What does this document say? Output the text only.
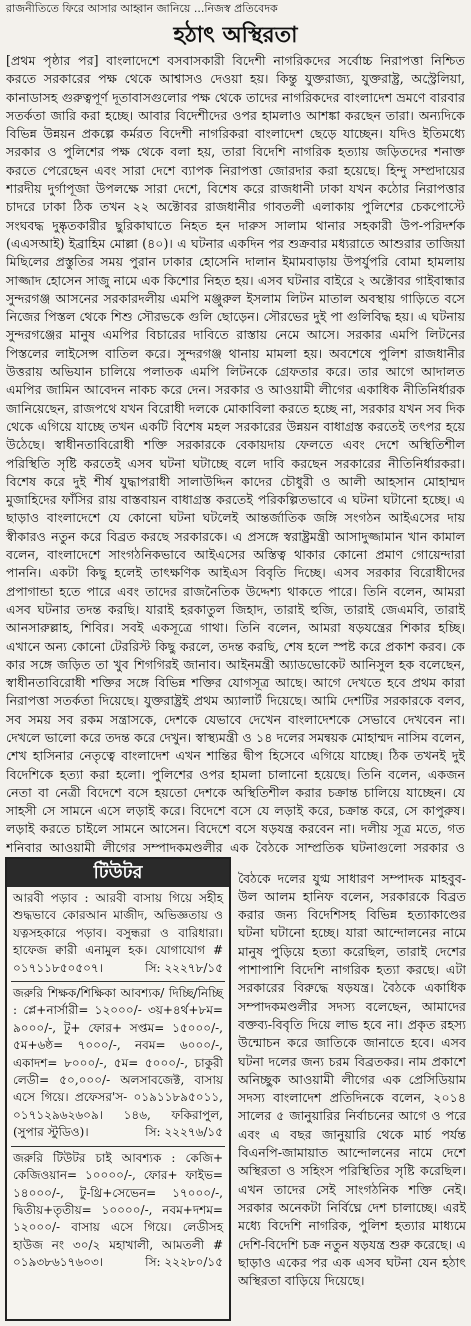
রাজনীতিতে ফিরে আসার আহ্বান জানিয়ে ...নিজস্ব প্রতিবেদক
হঠাৎ অস্থিরতা

[প্রথম পৃষ্ঠার পর] বাংলাদেশে বসবাসকারী বিদেশী নাগরিকদের সর্বোচ্চ নিরাপত্তা নিশ্চিত করতে সরকারের পক্ষ থেকে আশ্বাসও দেওয়া হয়। কিন্তু যুক্তরাজ্য, যুক্তরাষ্ট্র, অস্ট্রেলিয়া, কানাডাসহ গুরুত্বপূর্ণ দূতাবাসগুলোর পক্ষ থেকে তাদের নাগরিকদের বাংলাদেশ ভ্রমণে বারবার সতর্কতা জারি করা হচ্ছে। আবার বিদেশীদের ওপর হামলাও আশঙ্কা করছেন তারা। অন্যদিকে বিভিন্ন উন্নয়ন প্রকল্পে কর্মরত বিদেশী নাগরিকরা বাংলাদেশ ছেড়ে যাচ্ছেন। যদিও ইতিমধ্যে সরকার ও পুলিশের পক্ষ থেকে বলা হয়, তারা বিদেশি নাগরিক হত্যায় জড়িতদের শনাক্ত করতে পেরেছেন এবং সারা দেশে ব্যাপক নিরাপত্তা জোরদার করা হয়েছে। হিন্দু সম্প্রদায়ের শারদীয় দুর্গাপূজা উপলক্ষে সারা দেশে, বিশেষ করে রাজধানী ঢাকা যখন কঠোর নিরাপত্তার চাদরে ঢাকা ঠিক তখন ২২ অক্টোবর রাজধানীর গাবতলী এলাকায় পুলিশের চেকপোস্টে সংঘবদ্ধ দুষ্কৃতকারীর ছুরিকাঘাতে নিহত হন দারুস সালাম থানার সহকারী উপ-পরিদর্শক (এএসআই) ইব্রাহিম মোল্লা (৪০)। এ ঘটনার একদিন পর শুক্রবার মধ্যরাতে আশুরার তাজিয়া মিছিলের প্রস্তুতির সময় পুরান ঢাকার হোসেনি দালান ইমামবাড়ায় উপর্যুপরি বোমা হামলায় সাজ্জাদ হোসেন সাজু নামে এক কিশোর নিহত হয়। এসব ঘটনার বাইরে ২ অক্টোবর গাইবান্ধার সুন্দরগঞ্জ আসনের সরকারদলীয় এমপি মঞ্জুরুল ইসলাম লিটন মাতাল অবস্থায় গাড়িতে বসে নিজের পিস্তল থেকে শিশু সৌরভকে গুলি ছোড়েন। সৌরভের দুই পা গুলিবিদ্ধ হয়। এ ঘটনায় সুন্দরগঞ্জের মানুষ এমপির বিচারের দাবিতে রাস্তায় নেমে আসে। সরকার এমপি লিটনের পিস্তলের লাইসেন্স বাতিল করে। সুন্দরগঞ্জ থানায় মামলা হয়। অবশেষে পুলিশ রাজধানীর উত্তরায় অভিযান চালিয়ে পলাতক এমপি লিটনকে গ্রেফতার করে। তার আগে আদালত এমপির জামিন আবেদন নাকচ করে দেন। সরকার ও আওয়ামী লীগের একাধিক নীতিনির্ধারক জানিয়েছেন, রাজপথে যখন বিরোধী দলকে মোকাবিলা করতে হচ্ছে না, সরকার যখন সব দিক থেকে এগিয়ে যাচ্ছে তখন একটি বিশেষ মহল সরকারের উন্নয়ন বাধাগ্রস্ত করতেই তৎপর হয়ে উঠেছে। স্বাধীনতাবিরোধী শক্তি সরকারকে বেকায়দায় ফেলতে এবং দেশে অস্থিতিশীল পরিস্থিতি সৃষ্টি করতেই এসব ঘটনা ঘটাচ্ছে বলে দাবি করছেন সরকারের নীতিনির্ধারকরা। বিশেষ করে দুই শীর্ষ যুদ্ধাপরাধী সালাউদ্দিন কাদের চৌধুরী ও আলী আহসান মোহাম্মদ মুজাহিদের ফাঁসির রায় বাস্তবায়ন বাধাগ্রস্ত করতেই পরিকল্পিতভাবে এ ঘটনা ঘটানো হচ্ছে। এ ছাড়াও বাংলাদেশে যে কোনো ঘটনা ঘটলেই আন্তর্জাতিক জঙ্গি সংগঠন আইএসের দায় স্বীকারও নতুন করে বিব্রত করছে সরকারকে। এ প্রসঙ্গে স্বরাষ্ট্রমন্ত্রী আসাদুজ্জামান খান কামাল বলেন, বাংলাদেশে সাংগঠনিকভাবে আইএসের অস্তিত্ব থাকার কোনো প্রমাণ গোয়েন্দারা পাননি। একটা কিছু হলেই তাৎক্ষণিক আইএস বিবৃতি দিচ্ছে। এসব সরকার বিরোধীদের প্রপাগান্ডা হতে পারে এবং তাদের রাজনৈতিক উদ্দেশ্য থাকতে পারে। তিনি বলেন, আমরা এসব ঘটনার তদন্ত করছি। যারাই হরকাতুল জিহাদ, তারাই হুজি, তারাই জেএমবি, তারাই আনসারুল্লাহ, শিবির। সবই একসূত্রে গাথা। তিনি বলেন, আমরা ষড়যন্ত্রের শিকার হচ্ছি। এখানে অন্য কোনো টেররিস্ট কিছু করলে, তদন্ত করছি, শেষ হলে স্পষ্ট করে প্রকাশ করব। কে কার সঙ্গে জড়িত তা খুব শিগগিরই জানাব। আইনমন্ত্রী অ্যাডভোকেট আনিসুল হক বলেছেন, স্বাধীনতাবিরোধী শক্তির সঙ্গে বিভিন্ন শক্তির যোগসূত্র আছে। আগে দেখতে হবে প্রথম কারা নিরাপত্তা সতর্কতা দিয়েছে। যুক্তরাষ্ট্রই প্রথম অ্যালার্ট দিয়েছে। আমি দেশটির সরকারকে বলব, সব সময় সব রকম সন্ত্রাসকে, দেশকে যেভাবে দেখেন বাংলাদেশকে সেভাবে দেখবেন না। দেখলে ভালো করে তদন্ত করে দেখুন। স্বাস্থ্যমন্ত্রী ও ১৪ দলের সমন্বয়ক মোহাম্মদ নাসিম বলেন, শেখ হাসিনার নেতৃত্বে বাংলাদেশ এখন শান্তির দ্বীপ হিসেবে এগিয়ে যাচ্ছে। ঠিক তখনই দুই বিদেশিকে হত্যা করা হলো। পুলিশের ওপর হামলা চালানো হয়েছে। তিনি বলেন, একজন নেতা বা নেত্রী বিদেশে বসে হয়তো দেশকে অস্থিতিশীল করার চক্রান্ত চালিয়ে যাচ্ছেন। যে সাহসী সে সামনে এসে লড়াই করে। বিদেশে বসে যে লড়াই করে, চক্রান্ত করে, সে কাপুরুষ। লড়াই করতে চাইলে সামনে আসেন। বিদেশে বসে ষড়যন্ত্র করবেন না। দলীয় সূত্র মতে, গত শনিবার আওয়ামী লীগের সম্পাদকমণ্ডলীর এক বৈঠকে সাম্প্রতিক ঘটনাগুলো সরকার ও

টিউটর
আরবী পড়াব : আরবী বাসায় গিয়ে সহীহ শুদ্ধভাবে কোরআন মাজীদ, অভিজ্ঞতায় ও যত্নসহকারে পড়াব। বসুন্ধরা ও বারিধারা। হাফেজ ক্বারী এনামুল হক। যোগাযোগ # ০১৭১১৮৫০৫০৭।	সি: ২২২৭৮/১৫
জরুরি শিক্ষক/শিক্ষিকা আবশ্যক/ দিচ্ছি/নিচ্ছি : প্লে+নার্সারী= ১২০০০/- ৩য়+৪র্থ+৮ম= ৯০০০/-, টু+ ফোর+ সপ্তম= ১৫০০০/-, ৫ম+৬ষ্ঠ= ৭০০০/-, নবম= ৬০০০/-, একাদশ= ৮০০০/-, ৫ম= ৫০০০/-, চাকুরী লেডী= ৫০,০০০/- অলসাবজেক্ট, বাসায় এসে গিয়ে। প্রফেসর'স- ০১৯১১৮৯৫০১১, ০১৭১২৯৬২৬০৯। ১৪৬, ফকিরাপুল, (সুপার স্টুডিও)।	সি: ২২২৭৬/১৫
জরুরি টিউটর চাই আবশ্যক : কেজি+ কেজিওয়ান= ১০০০০/-, ফোর+ ফাইভ= ১৪০০০/-, টু-থ্রি+সেভেন= ১৭০০০/-, দ্বিতীয়+তৃতীয়= ১০০০০/-, নবম+দশম= ১২০০০/- বাসায় এসে গিয়ে। লেডীসহ হাউজ নং ৩০/২ মহাখালী, আমতলী # ০১৯৩৮৬১৭৬০৩।	সি: ২২২৮০/১৫

বৈঠকে দলের যুগ্ম সাধারণ সম্পাদক মাহবুব-উল আলম হানিফ বলেন, সরকারকে বিব্রত করার জন্য বিদেশিসহ বিভিন্ন হত্যাকাণ্ডের ঘটনা ঘটানো হচ্ছে। যারা আন্দোলনের নামে মানুষ পুড়িয়ে হত্যা করেছিল, তারাই দেশের পাশাপাশি বিদেশি নাগরিক হত্যা করছে। এটা সরকারের বিরুদ্ধে ষড়যন্ত্র। বৈঠকে একাধিক সম্পাদকমণ্ডলীর সদস্য বলেছেন, আমাদের বক্তব্য-বিবৃতি দিয়ে লাভ হবে না। প্রকৃত রহস্য উন্মোচন করে জাতিকে জানাতে হবে। এসব ঘটনা দলের জন্য চরম বিব্রতকর। নাম প্রকাশে অনিচ্ছুক আওয়ামী লীগের এক প্রেসিডিয়াম সদস্য বাংলাদেশ প্রতিদিনকে বলেন, ২০১৪ সালের ৫ জানুয়ারির নির্বাচনের আগে ও পরে এবং এ বছর জানুয়ারি থেকে মার্চ পর্যন্ত বিএনপি-জামায়াত আন্দোলনের নামে দেশে অস্থিরতা ও সহিংস পরিস্থিতির সৃষ্টি করেছিল। এখন তাদের সেই সাংগঠনিক শক্তি নেই। সরকার অনেকটা নির্বিঘ্নে দেশ চালাচ্ছে। এরই মধ্যে বিদেশি নাগরিক, পুলিশ হত্যার মাধ্যমে দেশি-বিদেশি চক্র নতুন ষড়যন্ত্র শুরু করেছে। এ ছাড়াও একের পর এক এসব ঘটনা যেন হঠাৎ অস্থিরতা বাড়িয়ে দিয়েছে।
